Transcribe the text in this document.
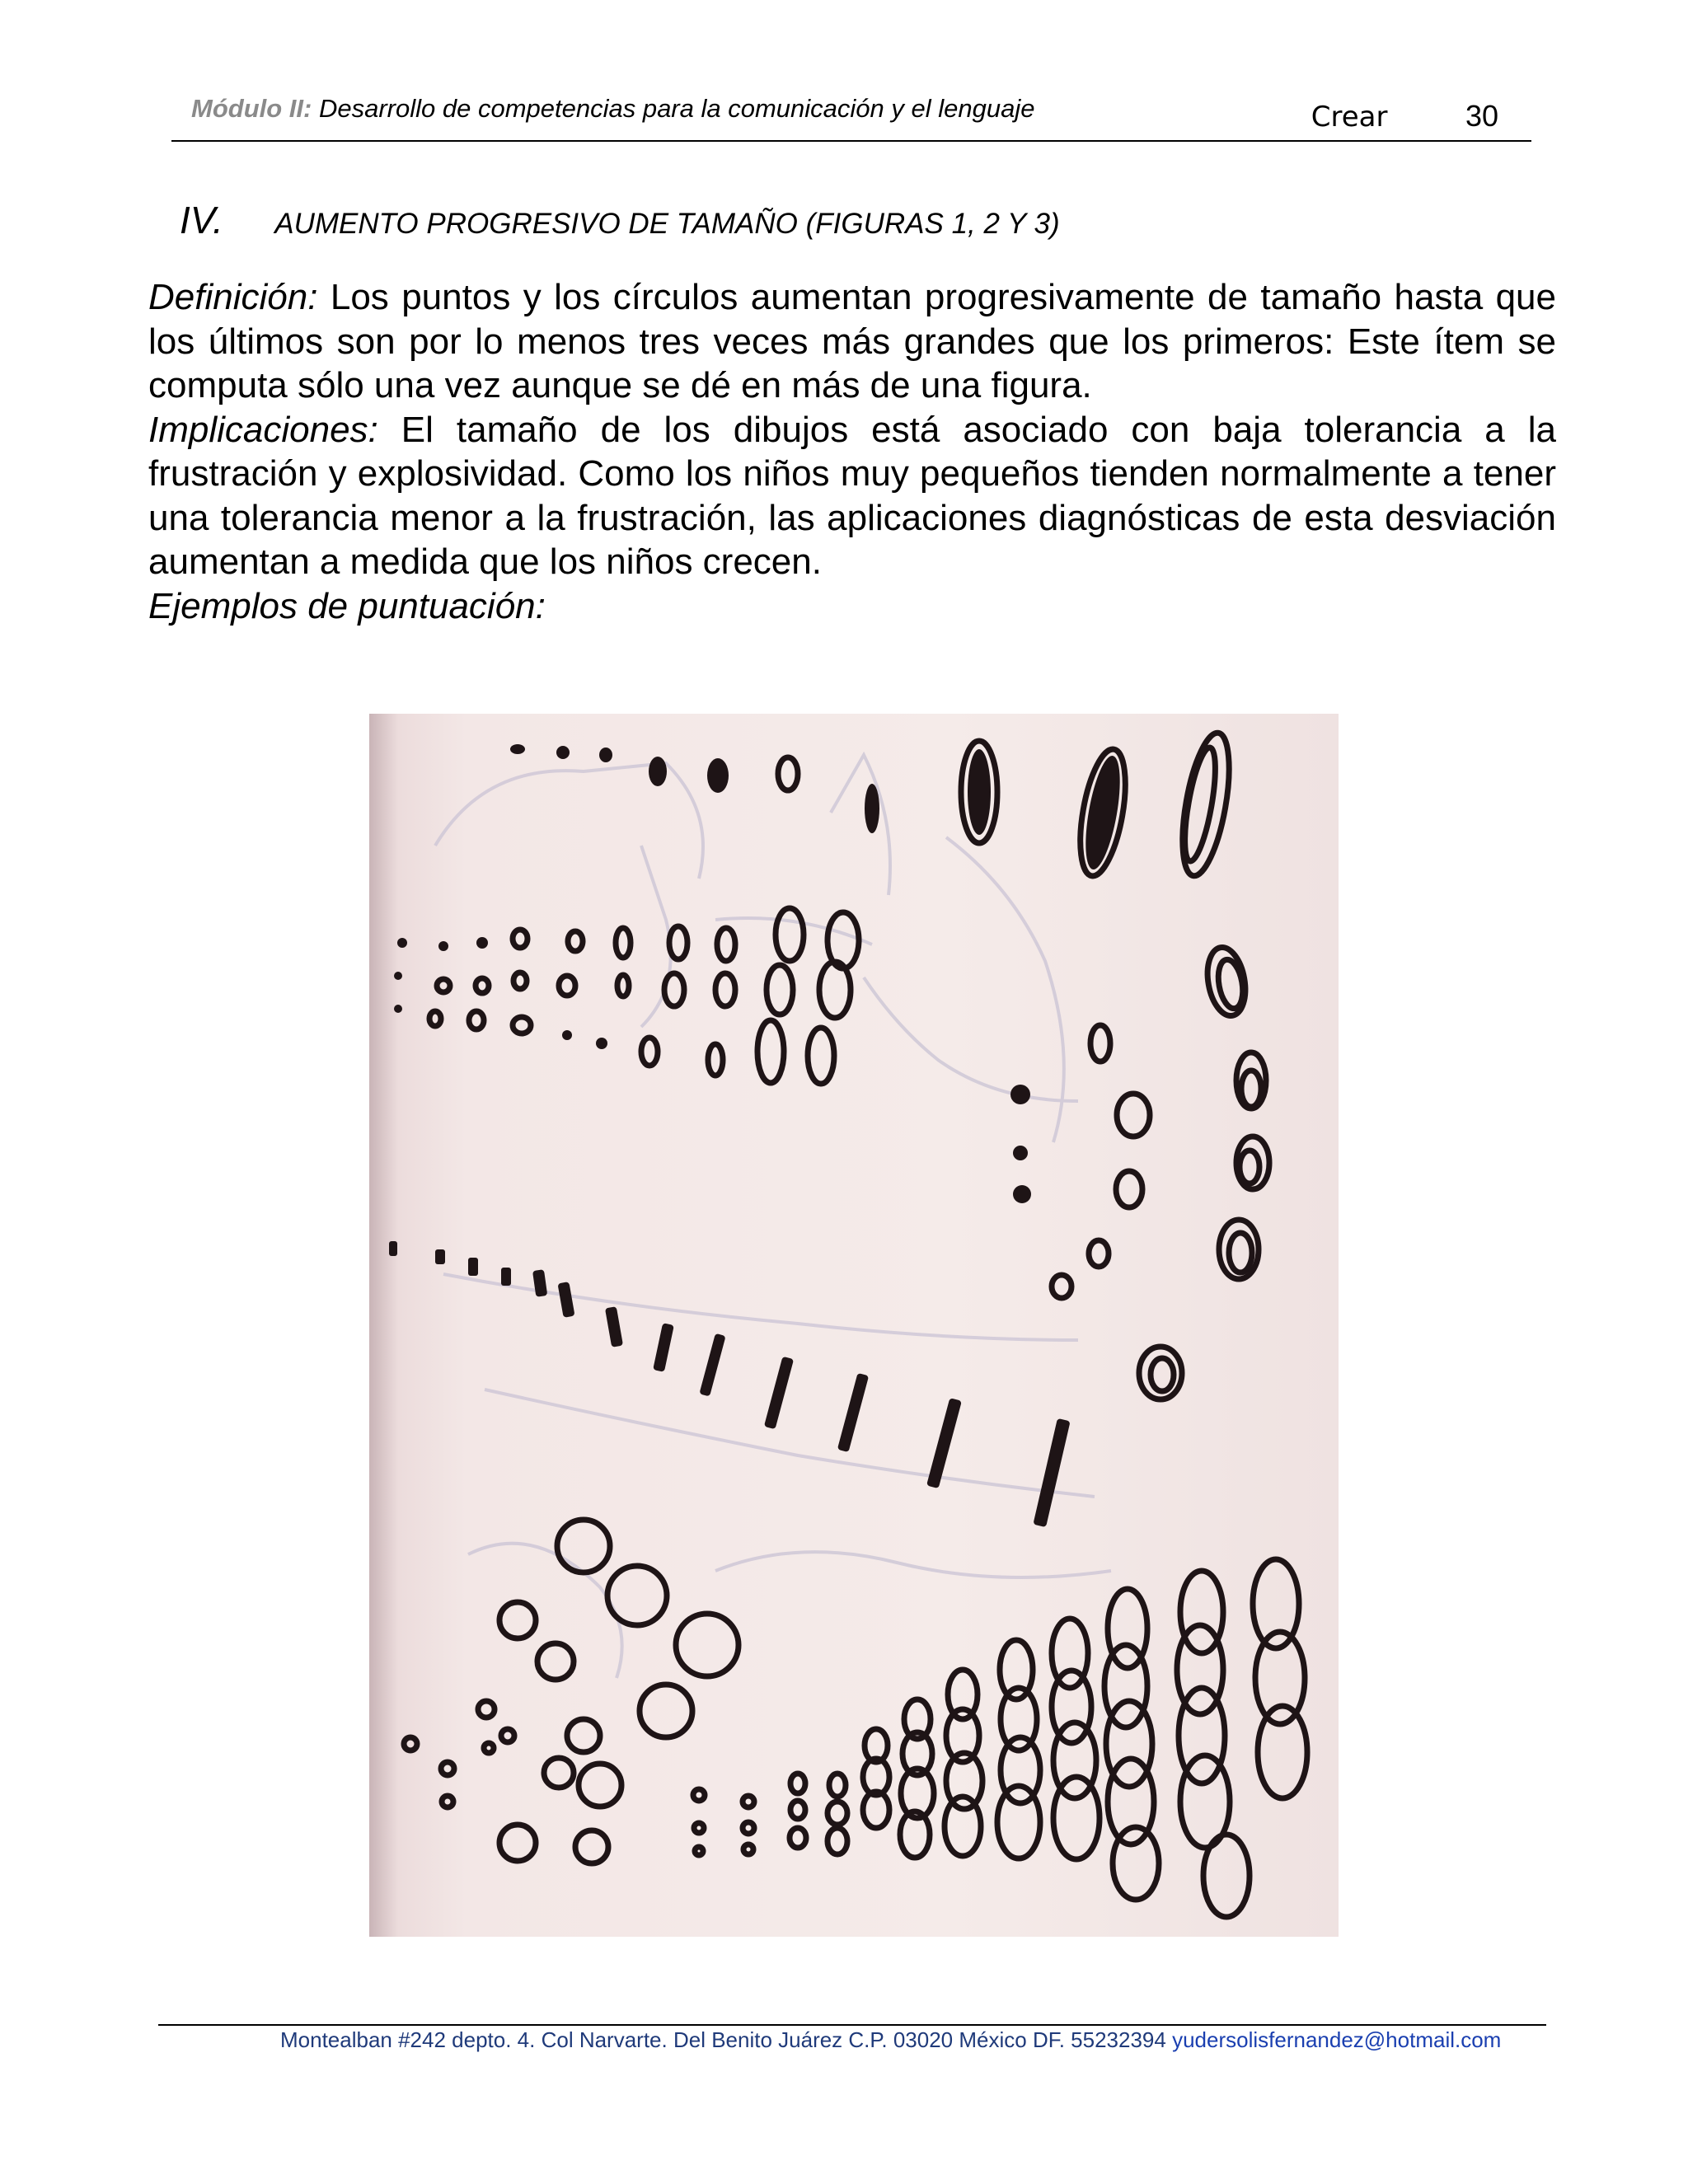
Módulo II: Desarrollo de competencias para la comunicación y el lenguaje	Crear	30
IV. AUMENTO PROGRESIVO DE TAMAÑO (FIGURAS 1, 2 Y 3)

Definición: Los puntos y los círculos aumentan progresivamente de tamaño hasta que los últimos son por lo menos tres veces más grandes que los primeros: Este ítem se computa sólo una vez aunque se dé en más de una figura.

Implicaciones: El tamaño de los dibujos está asociado con baja tolerancia a la frustración y explosividad. Como los niños muy pequeños tienden normalmente a tener una tolerancia menor a la frustración, las aplicaciones diagnósticas de esta desviación aumentan a medida que los niños crecen.

Ejemplos de puntuación:

Montealban #242 depto. 4. Col Narvarte. Del Benito Juárez C.P. 03020 México DF. 55232394 yudersolisfernandez@hotmail.com
